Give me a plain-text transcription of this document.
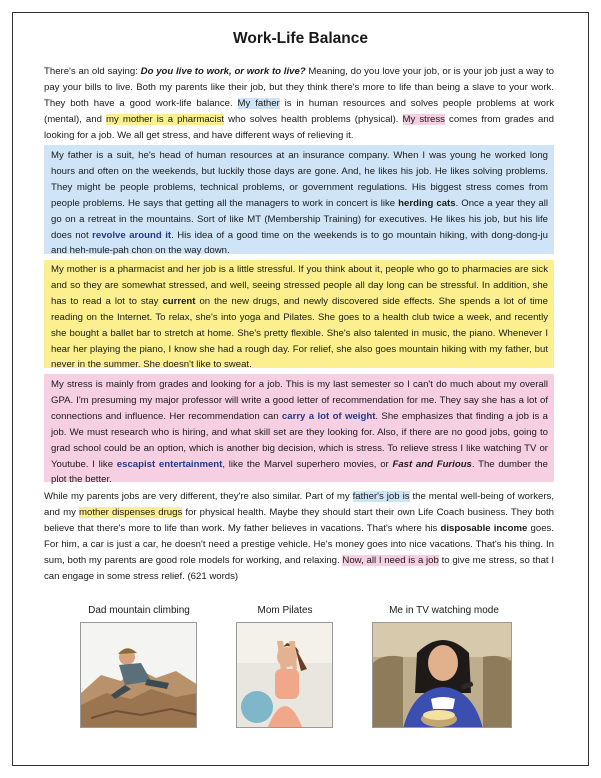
Work-Life Balance

There's an old saying: Do you live to work, or work to live? Meaning, do you love your job, or is your job just a way to pay your bills to live. Both my parents like their job, but they think there's more to life than being a slave to your work. They both have a good work-life balance. My father is in human resources and solves people problems at work (mental), and my mother is a pharmacist who solves health problems (physical). My stress comes from grades and looking for a job. We all get stress, and have different ways of relieving it.

My father is a suit, he's head of human resources at an insurance company. When I was young he worked long hours and often on the weekends, but luckily those days are gone. And, he likes his job. He likes solving problems. They might be people problems, technical problems, or government regulations. His biggest stress comes from people problems. He says that getting all the managers to work in concert is like herding cats. Once a year they all go on a retreat in the mountains. Sort of like MT (Membership Training) for executives. He likes his job, but his life does not revolve around it. His idea of a good time on the weekends is to go mountain hiking, with dong-dong-ju and heh-mule-pah chon on the way down.

My mother is a pharmacist and her job is a little stressful. If you think about it, people who go to pharmacies are sick and so they are somewhat stressed, and well, seeing stressed people all day long can be stressful. In addition, she has to read a lot to stay current on the new drugs, and newly discovered side effects. She spends a lot of time reading on the Internet. To relax, she's into yoga and Pilates. She goes to a health club twice a week, and recently she bought a ballet bar to stretch at home. She's pretty flexible. She's also talented in music, the piano. Whenever I hear her playing the piano, I know she had a rough day. For relief, she also goes mountain hiking with my father, but never in the summer. She doesn't like to sweat.

My stress is mainly from grades and looking for a job. This is my last semester so I can't do much about my overall GPA. I'm presuming my major professor will write a good letter of recommendation for me. They say she has a lot of connections and influence. Her recommendation can carry a lot of weight. She emphasizes that finding a job is a job. We must research who is hiring, and what skill set are they looking for. Also, if there are no good jobs, going to grad school could be an option, which is another big decision, which is stress. To relieve stress I like watching TV or Youtube. I like escapist entertainment, like the Marvel superhero movies, or Fast and Furious. The dumber the plot the better.

While my parents jobs are very different, they're also similar. Part of my father's job is the mental well-being of workers, and my mother dispenses drugs for physical health. Maybe they should start their own Life Coach business. They both believe that there's more to life than work. My father believes in vacations. That's where his disposable income goes. For him, a car is just a car, he doesn't need a prestige vehicle. He's money goes into nice vacations. That's his thing. In sum, both my parents are good role models for working, and relaxing. Now, all I need is a job to give me stress, so that I can engage in some stress relief. (621 words)

Dad mountain climbing	Mom Pilates	Me in TV watching mode
